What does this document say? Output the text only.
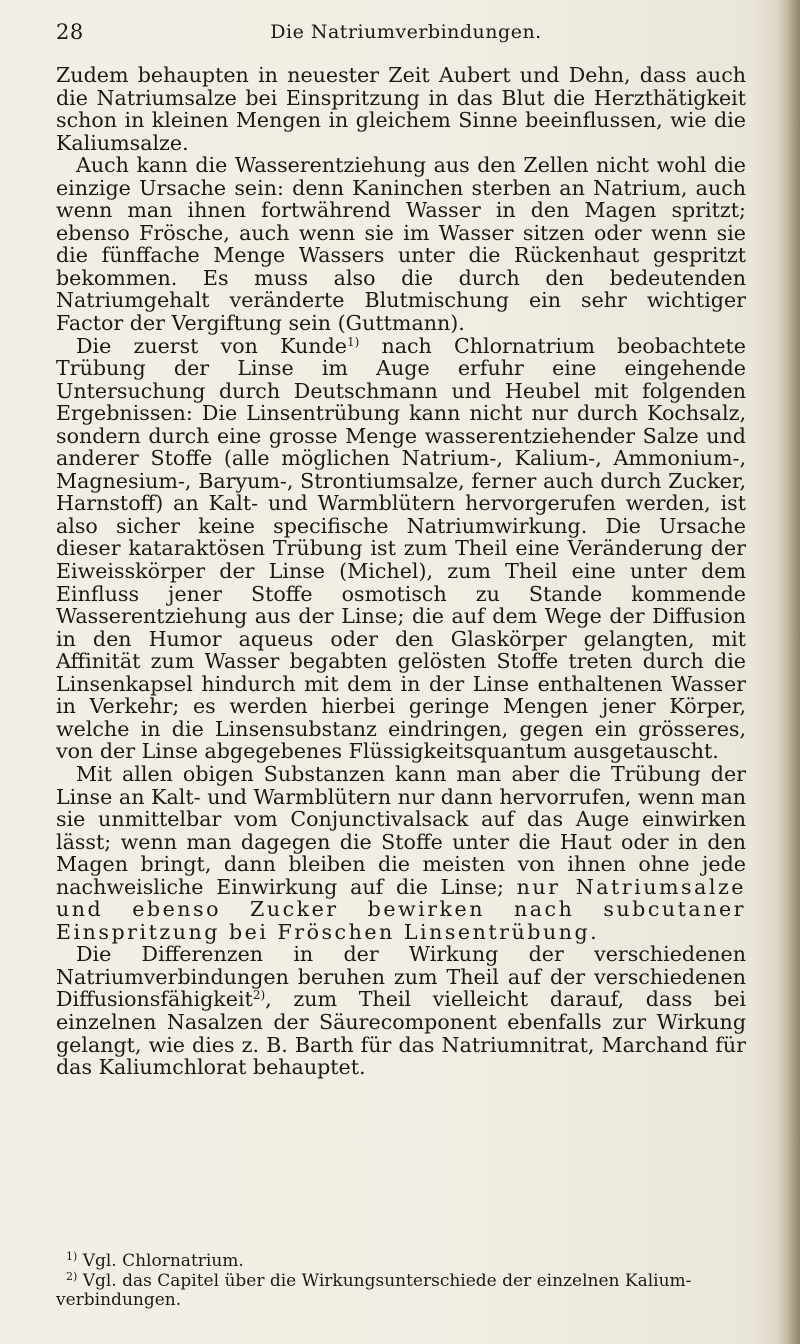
28	Die Natriumverbindungen.

Zudem behaupten in neuester Zeit Aubert und Dehn, dass auch die Natriumsalze bei Einspritzung in das Blut die Herzthätigkeit schon in kleinen Mengen in gleichem Sinne beeinflussen, wie die Kaliumsalze.

Auch kann die Wasserentziehung aus den Zellen nicht wohl die einzige Ursache sein: denn Kaninchen sterben an Natrium, auch wenn man ihnen fortwährend Wasser in den Magen spritzt; ebenso Frösche, auch wenn sie im Wasser sitzen oder wenn sie die fünffache Menge Wassers unter die Rückenhaut gespritzt bekommen. Es muss also die durch den bedeutenden Natriumgehalt veränderte Blutmischung ein sehr wichtiger Factor der Vergiftung sein (Guttmann).

Die zuerst von Kunde$^{1)}$ nach Chlornatrium beobachtete Trübung der Linse im Auge erfuhr eine eingehende Untersuchung durch Deutschmann und Heubel mit folgenden Ergebnissen: Die Linsentrübung kann nicht nur durch Kochsalz, sondern durch eine grosse Menge wasserentziehender Salze und anderer Stoffe (alle möglichen Natrium-, Kalium-, Ammonium-, Magnesium-, Baryum-, Strontiumsalze, ferner auch durch Zucker, Harnstoff) an Kalt- und Warmblütern hervorgerufen werden, ist also sicher keine specifische Natriumwirkung. Die Ursache dieser kataraktösen Trübung ist zum Theil eine Veränderung der Eiweisskörper der Linse (Michel), zum Theil eine unter dem Einfluss jener Stoffe osmotisch zu Stande kommende Wasserentziehung aus der Linse; die auf dem Wege der Diffusion in den Humor aqueus oder den Glaskörper gelangten, mit Affinität zum Wasser begabten gelösten Stoffe treten durch die Linsenkapsel hindurch mit dem in der Linse enthaltenen Wasser in Verkehr; es werden hierbei geringe Mengen jener Körper, welche in die Linsensubstanz eindringen, gegen ein grösseres, von der Linse abgegebenes Flüssigkeitsquantum ausgetauscht.

Mit allen obigen Substanzen kann man aber die Trübung der Linse an Kalt- und Warmblütern nur dann hervorrufen, wenn man sie unmittelbar vom Conjunctivalsack auf das Auge einwirken lässt; wenn man dagegen die Stoffe unter die Haut oder in den Magen bringt, dann bleiben die meisten von ihnen ohne jede nachweisliche Einwirkung auf die Linse; nur Natriumsalze und ebenso Zucker bewirken nach subcutaner Einspritzung bei Fröschen Linsentrübung.

Die Differenzen in der Wirkung der verschiedenen Natriumverbindungen beruhen zum Theil auf der verschiedenen Diffusionsfähigkeit$^{2)}$, zum Theil vielleicht darauf, dass bei einzelnen Nasalzen der Säurecomponent ebenfalls zur Wirkung gelangt, wie dies z. B. Barth für das Natriumnitrat, Marchand für das Kaliumchlorat behauptet.

$^{1)}$ Vgl. Chlornatrium.

$^{2)}$ Vgl. das Capitel über die Wirkungsunterschiede der einzelnen Kalium-

verbindungen.
